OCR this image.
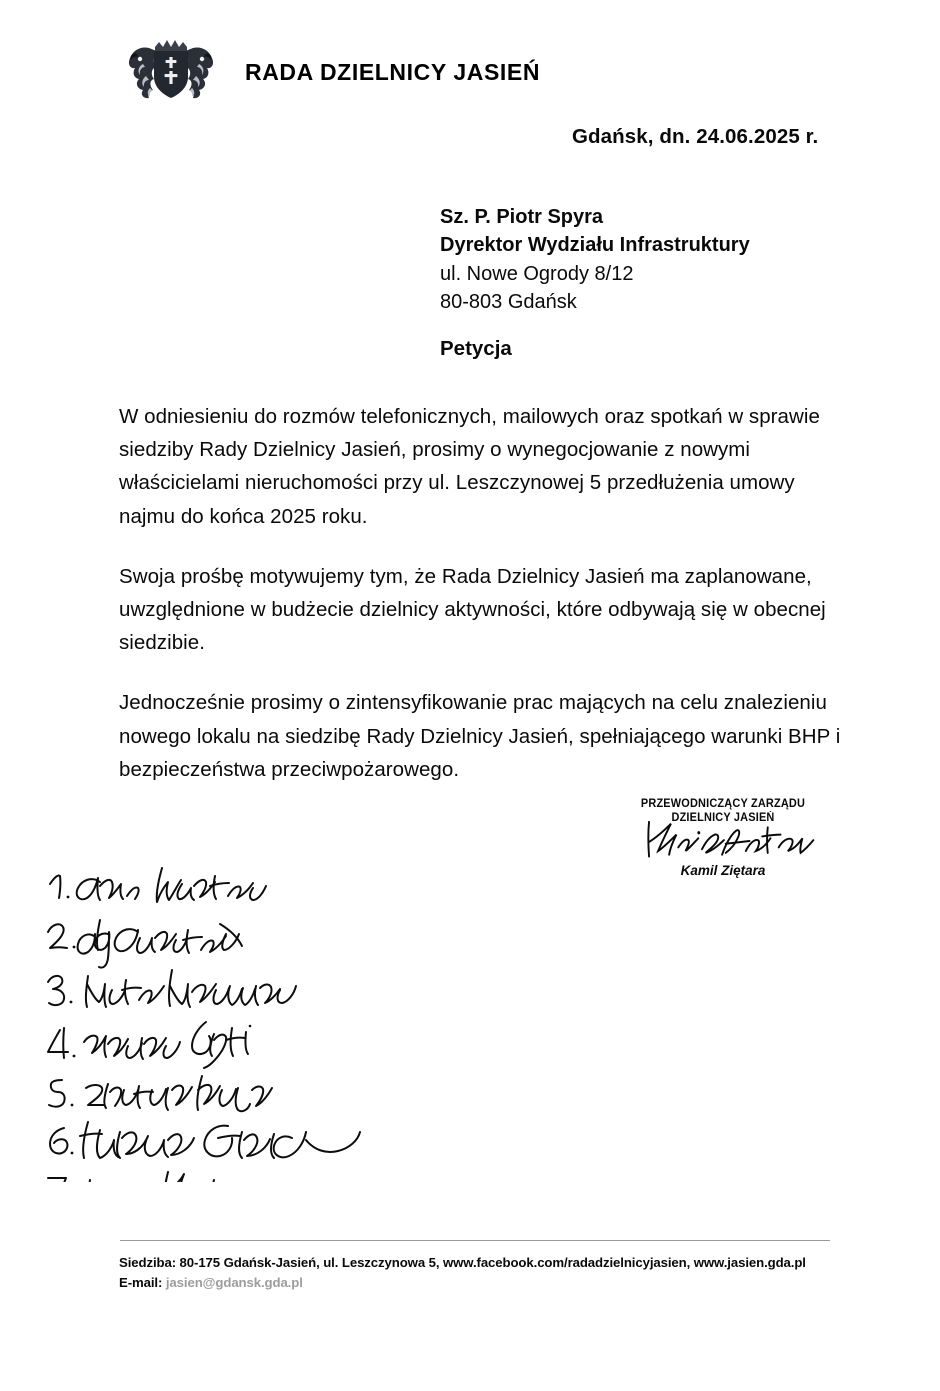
RADA DZIELNICY JASIEŃ
Gdańsk, dn. 24.06.2025 r.
Sz. P. Piotr Spyra
Dyrektor Wydziału Infrastruktury
ul. Nowe Ogrody 8/12
80-803 Gdańsk
Petycja

W odniesieniu do rozmów telefonicznych, mailowych oraz spotkań w sprawie siedziby Rady Dzielnicy Jasień, prosimy o wynegocjowanie z nowymi właścicielami nieruchomości przy ul. Leszczynowej 5 przedłużenia umowy najmu do końca 2025 roku.

Swoja prośbę motywujemy tym, że Rada Dzielnicy Jasień ma zaplanowane, uwzględnione w budżecie dzielnicy aktywności, które odbywają się w obecnej siedzibie.

Jednocześnie prosimy o zintensyfikowanie prac mających na celu znalezieniu nowego lokalu na siedzibę Rady Dzielnicy Jasień, spełniającego warunki BHP i bezpieczeństwa przeciwpożarowego.

PRZEWODNICZĄCY ZARZĄDU
DZIELNICY JASIEŃ
Kamil Ziętara
Siedziba: 80-175 Gdańsk-Jasień, ul. Leszczynowa 5, www.facebook.com/radadzielnicyjasien, www.jasien.gda.pl
E-mail: jasien@gdansk.gda.pl
